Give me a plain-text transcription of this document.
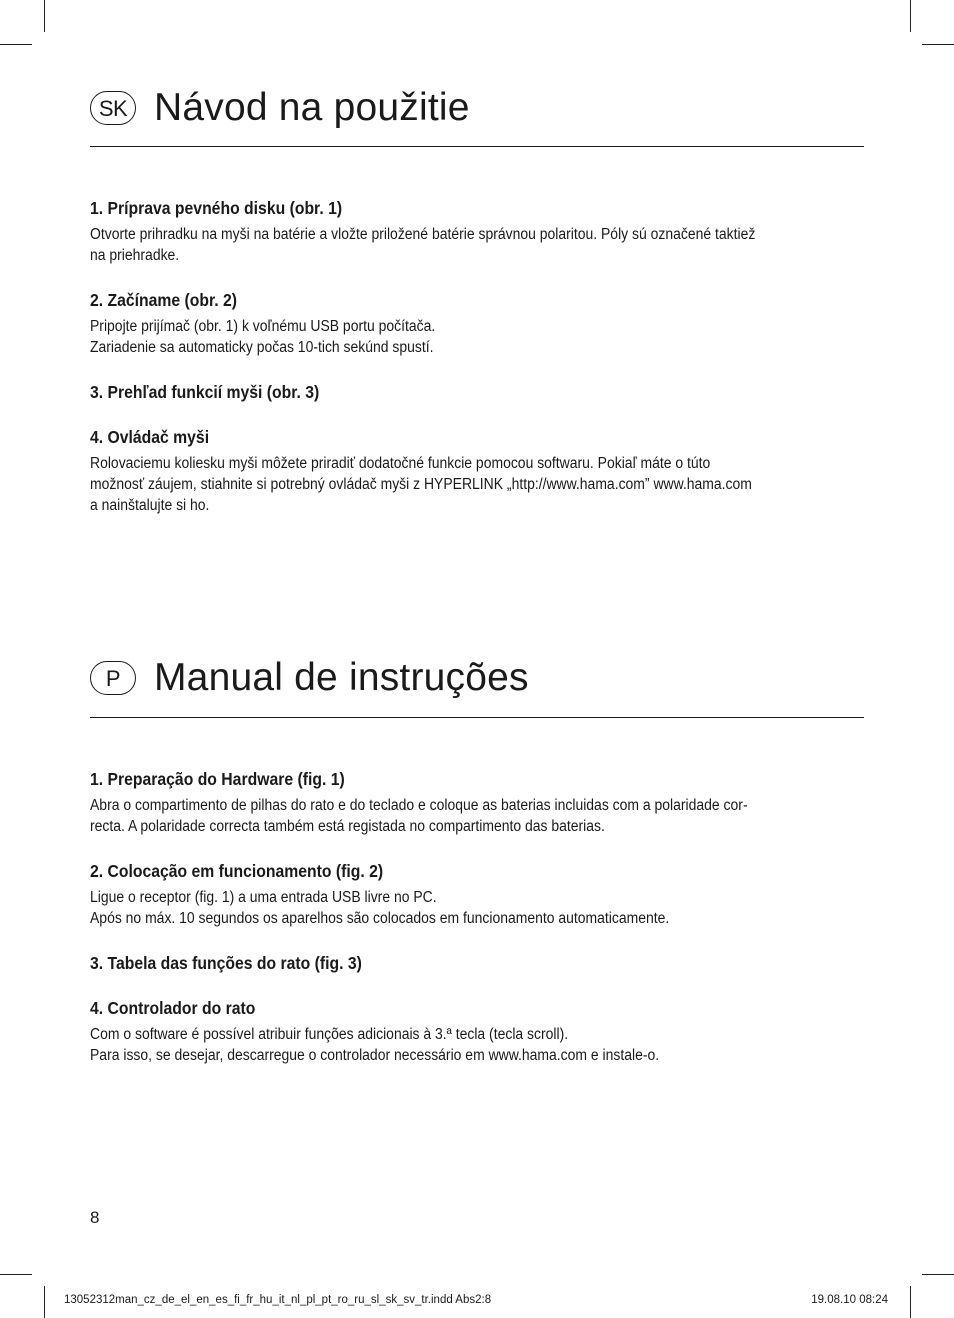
SK Návod na použitie
1. Príprava pevného disku (obr. 1)

Otvorte prihradku na myši na batérie a vložte priložené batérie správnou polaritou. Póly sú označené taktiež
na priehradke.

2. Začíname (obr. 2)

Pripojte prijímač (obr. 1) k voľnému USB portu počítača.
Zariadenie sa automaticky počas 10-tich sekúnd spustí.

3. Prehľad funkcií myši (obr. 3)
4. Ovládač myši

Rolovaciemu koliesku myši môžete priradiť dodatočné funkcie pomocou softwaru. Pokiaľ máte o túto
možnosť záujem, stiahnite si potrebný ovládač myši z HYPERLINK „http://www.hama.com” www.hama.com
a nainštalujte si ho.

P Manual de instruções
1. Preparação do Hardware (fig. 1)

Abra o compartimento de pilhas do rato e do teclado e coloque as baterias incluidas com a polaridade cor-
recta. A polaridade correcta também está registada no compartimento das baterias.

2. Colocação em funcionamento (fig. 2)

Ligue o receptor (fig. 1) a uma entrada USB livre no PC.
Após no máx. 10 segundos os aparelhos são colocados em funcionamento automaticamente.

3. Tabela das funções do rato (fig. 3)
4. Controlador do rato

Com o software é possível atribuir funções adicionais à 3.ª tecla (tecla scroll).
Para isso, se desejar, descarregue o controlador necessário em www.hama.com e instale-o.

8
13052312man_cz_de_el_en_es_fi_fr_hu_it_nl_pl_pt_ro_ru_sl_sk_sv_tr.indd Abs2:8	19.08.10 08:24
